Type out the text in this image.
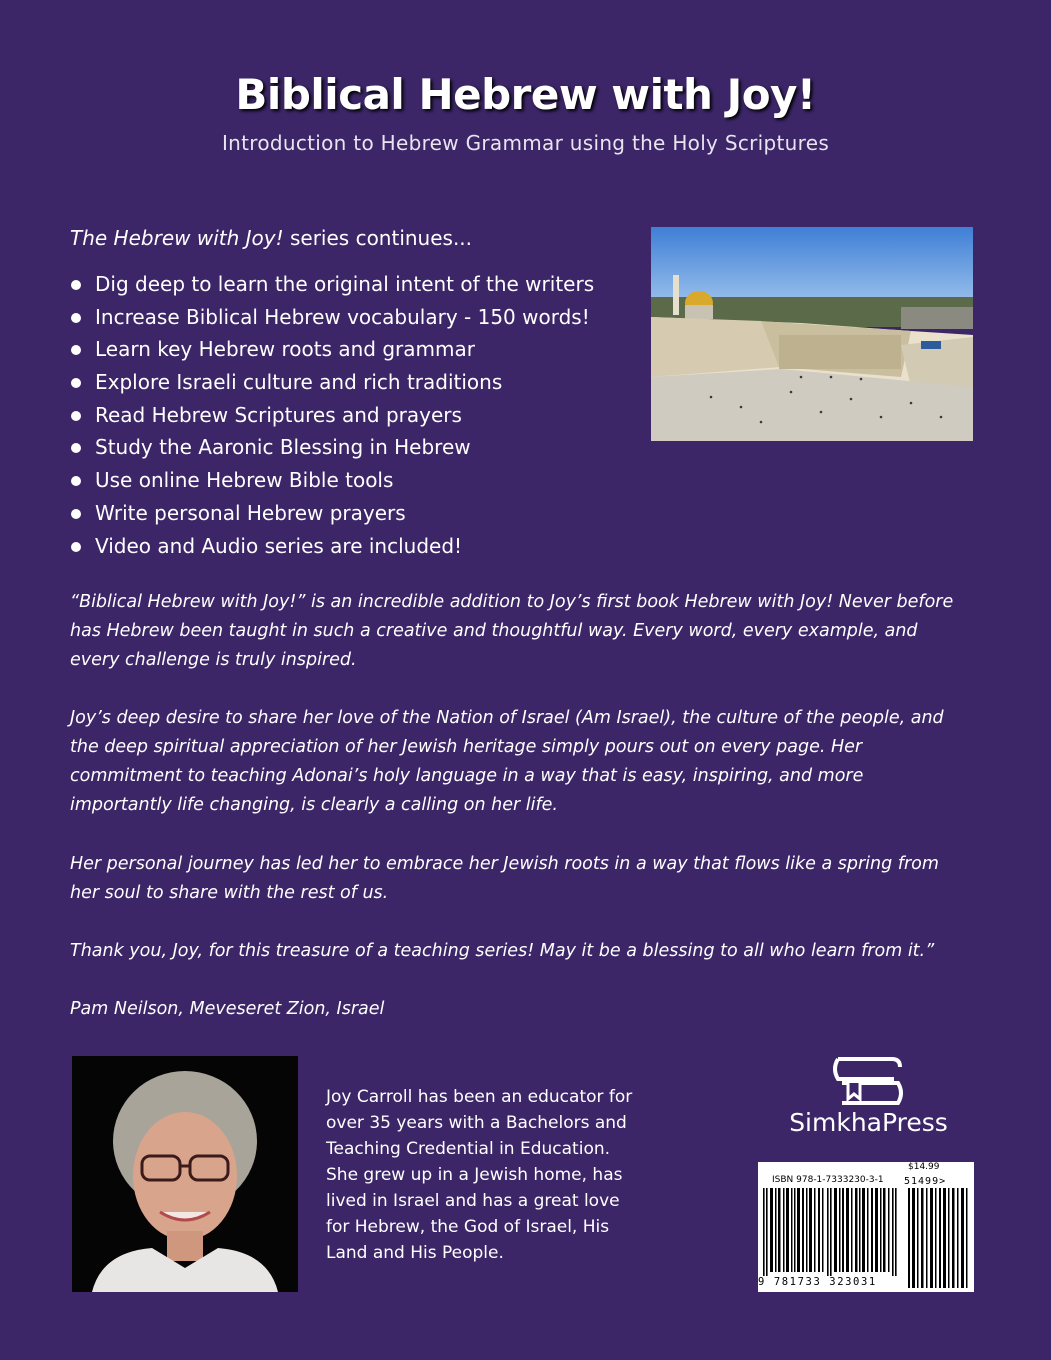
Biblical Hebrew with Joy!
Introduction to Hebrew Grammar using the Holy Scriptures
The Hebrew with Joy! series continues...
Dig deep to learn the original intent of the writers
Increase Biblical Hebrew vocabulary - 150 words!
Learn key Hebrew roots and grammar
Explore Israeli culture and rich traditions
Read Hebrew Scriptures and prayers
Study the Aaronic Blessing in Hebrew
Use online Hebrew Bible tools
Write personal Hebrew prayers
Video and Audio series are included!
“Biblical Hebrew with Joy!” is an incredible addition to Joy’s first book Hebrew with Joy! Never before has Hebrew been taught in such a creative and thoughtful way. Every word, every example, and every challenge is truly inspired.
Joy’s deep desire to share her love of the Nation of Israel (Am Israel), the culture of the people, and the deep spiritual appreciation of her Jewish heritage simply pours out on every page. Her commitment to teaching Adonai’s holy language in a way that is easy, inspiring, and more importantly life changing, is clearly a calling on her life.
Her personal journey has led her to embrace her Jewish roots in a way that flows like a spring from her soul to share with the rest of us.
Thank you, Joy, for this treasure of a teaching series! May it be a blessing to all who learn from it.”
Pam Neilson, Meveseret Zion, Israel
Joy Carroll has been an educator for over 35 years with a Bachelors and Teaching Credential in Education. She grew up in a Jewish home, has lived in Israel and has a great love for Hebrew, the God of Israel, His Land and His People.
SimkhaPress
$14.99
ISBN 978-1-7333230-3-1 51499>
9 781733 323031
